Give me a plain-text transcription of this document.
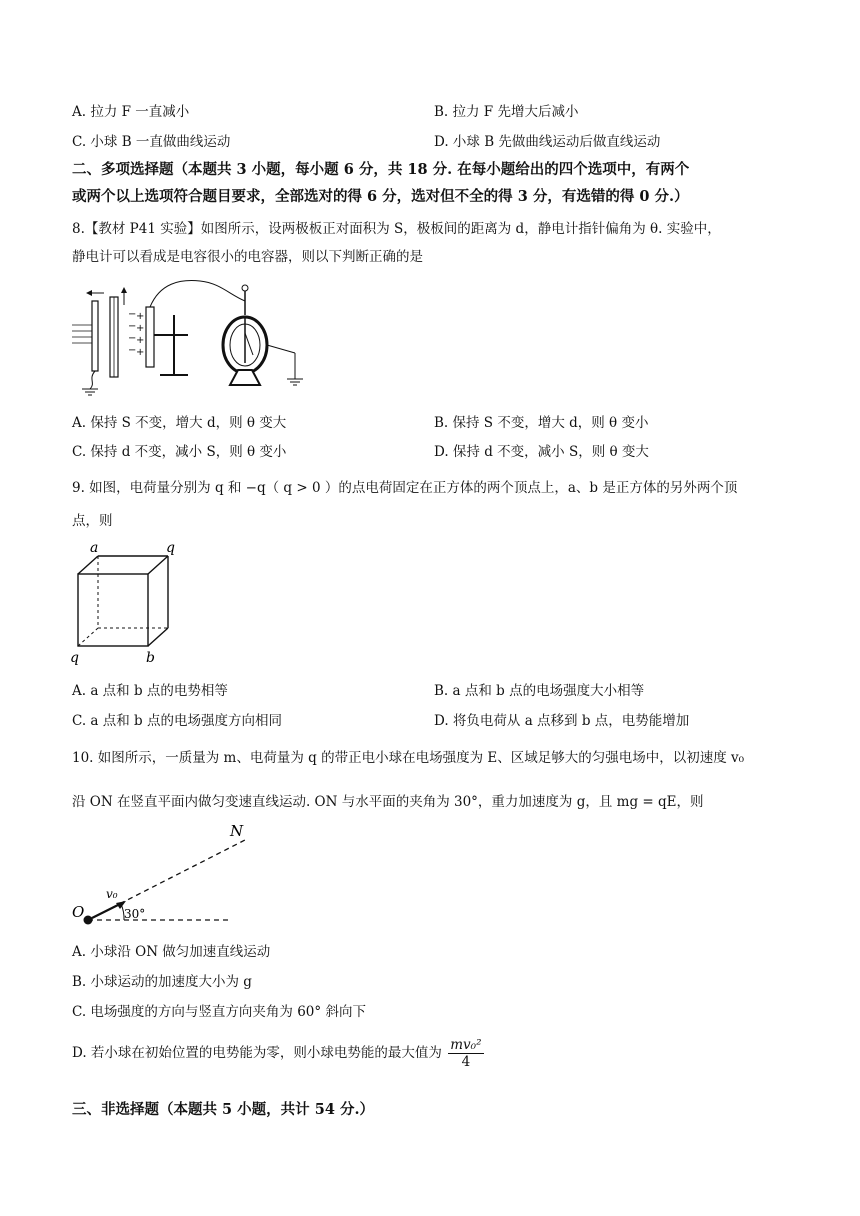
A. 拉力 F 一直减小	B. 拉力 F 先增大后减小
C. 小球 B 一直做曲线运动	D. 小球 B 先做曲线运动后做直线运动
二、多项选择题（本题共 3 小题，每小题 6 分，共 18 分. 在每小题给出的四个选项中，有两个
或两个以上选项符合题目要求，全部选对的得 6 分，选对但不全的得 3 分，有选错的得 0 分.）
8.【教材 P41 实验】如图所示，设两极板正对面积为 S，极板间的距离为 d，静电计指针偏角为 θ. 实验中，
静电计可以看成是电容很小的电容器，则以下判断正确的是
−
−
−
−
+
+
+
+
A. 保持 S 不变，增大 d，则 θ 变大	B. 保持 S 不变，增大 d，则 θ 变小
C. 保持 d 不变，减小 S，则 θ 变小	D. 保持 d 不变，减小 S，则 θ 变大
9. 如图，电荷量分别为 q 和 −q（ q > 0 ）的点电荷固定在正方体的两个顶点上，a、b 是正方体的另外两个顶
点，则
a	q
q	b
A. a 点和 b 点的电势相等	B. a 点和 b 点的电场强度大小相等
C. a 点和 b 点的电场强度方向相同	D. 将负电荷从 a 点移到 b 点，电势能增加
10. 如图所示，一质量为 m、电荷量为 q 的带正电小球在电场强度为 E、区域足够大的匀强电场中，以初速度 v₀
沿 ON 在竖直平面内做匀变速直线运动. ON 与水平面的夹角为 30°，重力加速度为 g，且 mg = qE，则
N
O
v₀
30°
A. 小球沿 ON 做匀加速直线运动
B. 小球运动的加速度大小为 g
C. 电场强度的方向与竖直方向夹角为 60° 斜向下
D. 若小球在初始位置的电势能为零，则小球电势能的最大值为 $\frac{\text{mv₀²}}{4}$
三、非选择题（本题共 5 小题，共计 54 分.）
